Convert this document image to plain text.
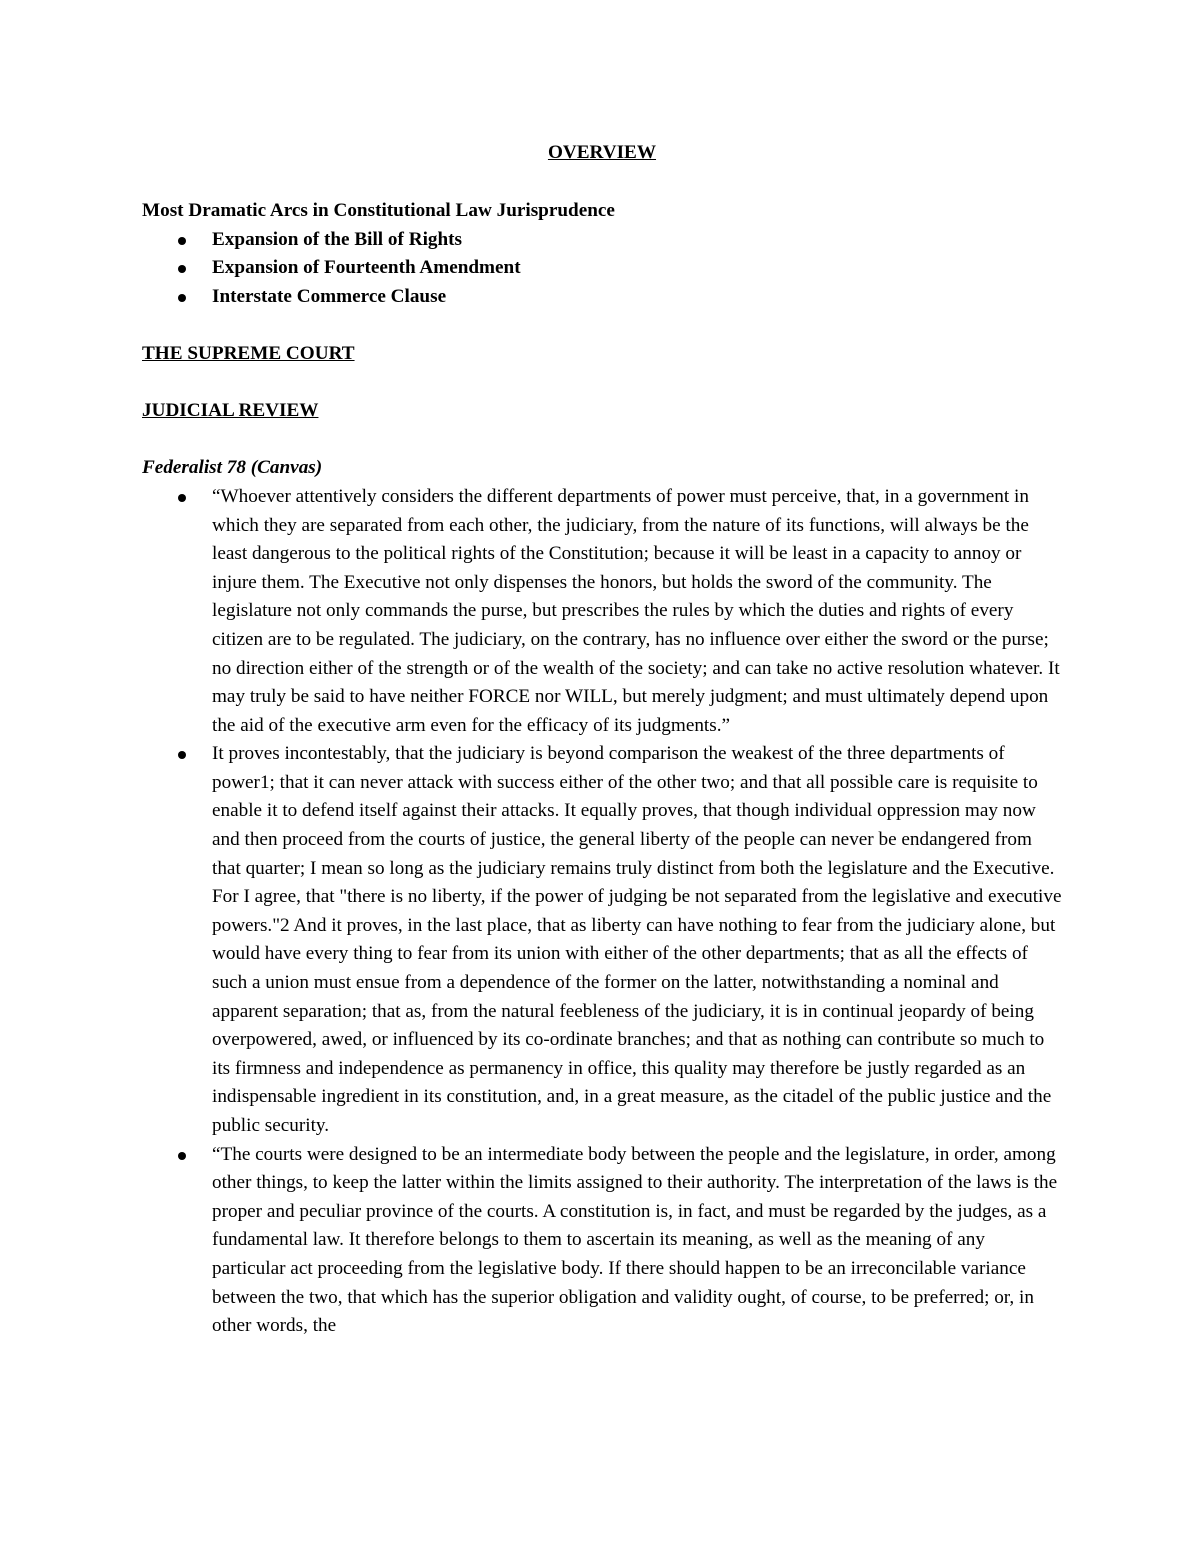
OVERVIEW

Most Dramatic Arcs in Constitutional Law Jurisprudence

Expansion of the Bill of Rights
Expansion of Fourteenth Amendment
Interstate Commerce Clause

THE SUPREME COURT

JUDICIAL REVIEW

Federalist 78 (Canvas)

“Whoever attentively considers the different departments of power must perceive, that, in a government in which they are separated from each other, the judiciary, from the nature of its functions, will always be the least dangerous to the political rights of the Constitution; because it will be least in a capacity to annoy or injure them. The Executive not only dispenses the honors, but holds the sword of the community. The legislature not only commands the purse, but prescribes the rules by which the duties and rights of every citizen are to be regulated. The judiciary, on the contrary, has no influence over either the sword or the purse; no direction either of the strength or of the wealth of the society; and can take no active resolution whatever. It may truly be said to have neither FORCE nor WILL, but merely judgment; and must ultimately depend upon the aid of the executive arm even for the efficacy of its judgments.”
It proves incontestably, that the judiciary is beyond comparison the weakest of the three departments of power1; that it can never attack with success either of the other two; and that all possible care is requisite to enable it to defend itself against their attacks. It equally proves, that though individual oppression may now and then proceed from the courts of justice, the general liberty of the people can never be endangered from that quarter; I mean so long as the judiciary remains truly distinct from both the legislature and the Executive. For I agree, that "there is no liberty, if the power of judging be not separated from the legislative and executive powers."2 And it proves, in the last place, that as liberty can have nothing to fear from the judiciary alone, but would have every thing to fear from its union with either of the other departments; that as all the effects of such a union must ensue from a dependence of the former on the latter, notwithstanding a nominal and apparent separation; that as, from the natural feebleness of the judiciary, it is in continual jeopardy of being overpowered, awed, or influenced by its co-ordinate branches; and that as nothing can contribute so much to its firmness and independence as permanency in office, this quality may therefore be justly regarded as an indispensable ingredient in its constitution, and, in a great measure, as the citadel of the public justice and the public security.
“The courts were designed to be an intermediate body between the people and the legislature, in order, among other things, to keep the latter within the limits assigned to their authority. The interpretation of the laws is the proper and peculiar province of the courts. A constitution is, in fact, and must be regarded by the judges, as a fundamental law. It therefore belongs to them to ascertain its meaning, as well as the meaning of any particular act proceeding from the legislative body. If there should happen to be an irreconcilable variance between the two, that which has the superior obligation and validity ought, of course, to be preferred; or, in other words, the
